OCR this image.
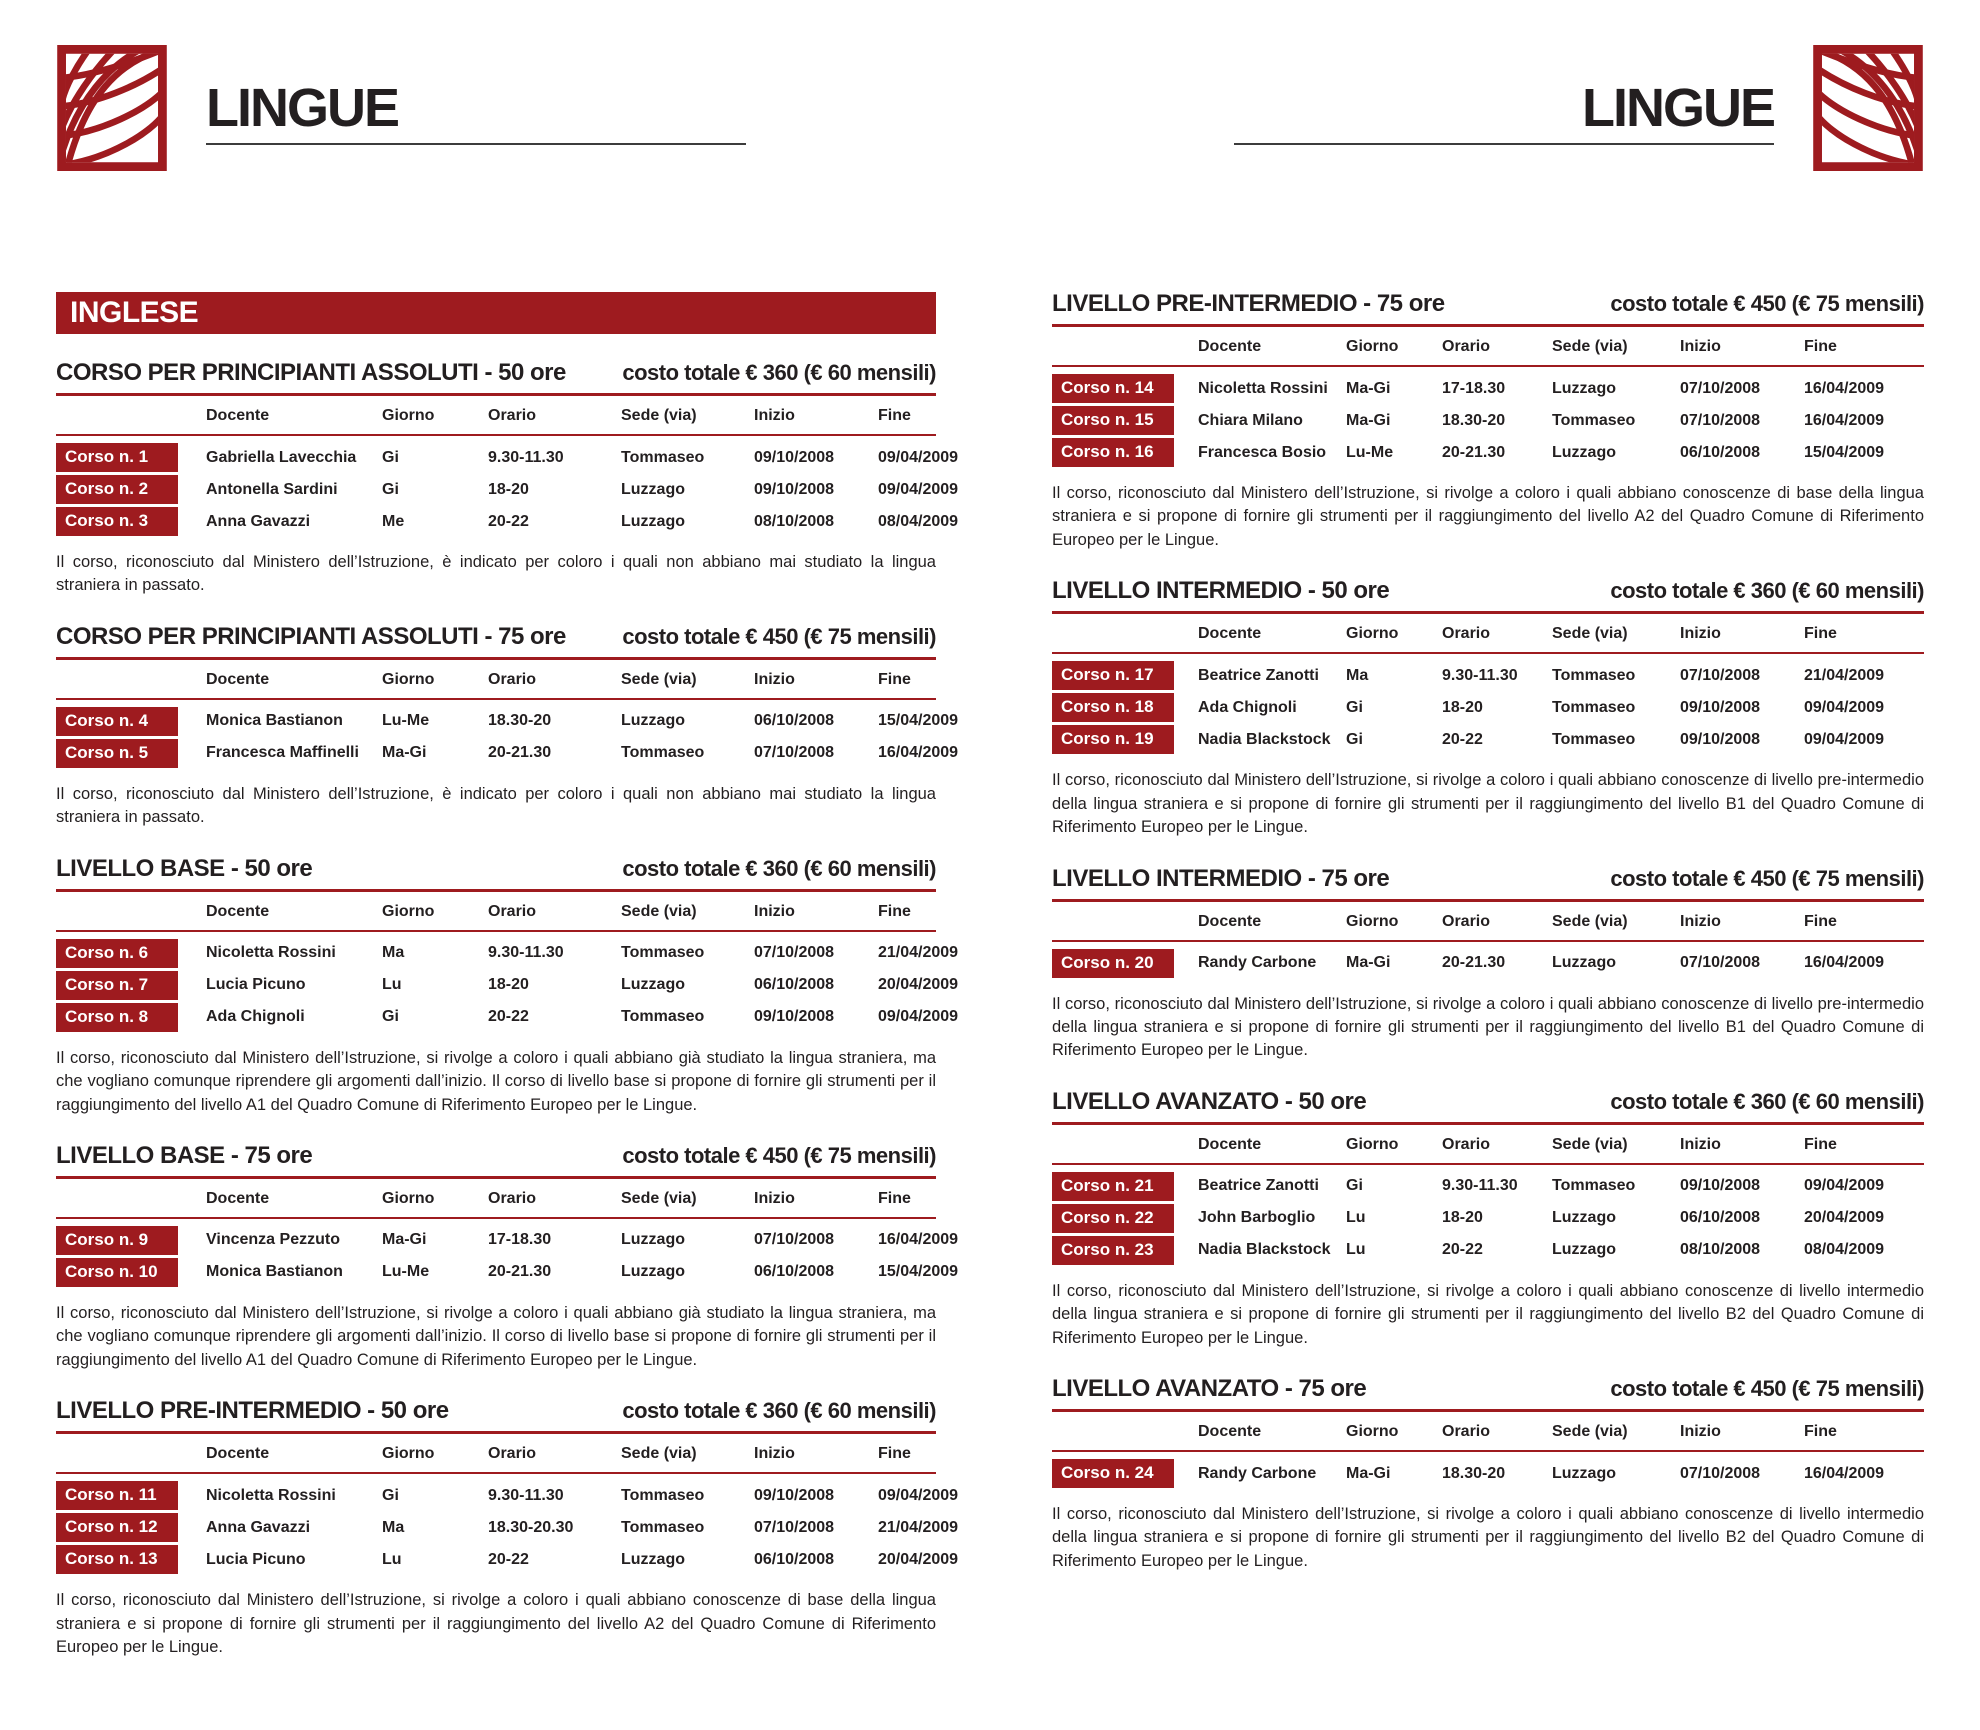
LINGUE
INGLESE
CORSO PER PRINCIPIANTI ASSOLUTI - 50 ore	costo totale € 360 (€ 60 mensili)
Docente	Giorno	Orario	Sede (via)	Inizio	Fine
Corso n. 1	Gabriella Lavecchia	Gi	9.30-11.30	Tommaseo	09/10/2008	09/04/2009
Corso n. 2	Antonella Sardini	Gi	18-20	Luzzago	09/10/2008	09/04/2009
Corso n. 3	Anna Gavazzi	Me	20-22	Luzzago	08/10/2008	08/04/2009

Il corso, riconosciuto dal Ministero dell’Istruzione, è indicato per coloro i quali non abbiano mai studiato la lingua straniera in passato.

CORSO PER PRINCIPIANTI ASSOLUTI - 75 ore	costo totale € 450 (€ 75 mensili)
Docente	Giorno	Orario	Sede (via)	Inizio	Fine
Corso n. 4	Monica Bastianon	Lu-Me	18.30-20	Luzzago	06/10/2008	15/04/2009
Corso n. 5	Francesca Maffinelli	Ma-Gi	20-21.30	Tommaseo	07/10/2008	16/04/2009

Il corso, riconosciuto dal Ministero dell’Istruzione, è indicato per coloro i quali non abbiano mai studiato la lingua straniera in passato.

LIVELLO BASE - 50 ore	costo totale € 360 (€ 60 mensili)
Docente	Giorno	Orario	Sede (via)	Inizio	Fine
Corso n. 6	Nicoletta Rossini	Ma	9.30-11.30	Tommaseo	07/10/2008	21/04/2009
Corso n. 7	Lucia Picuno	Lu	18-20	Luzzago	06/10/2008	20/04/2009
Corso n. 8	Ada Chignoli	Gi	20-22	Tommaseo	09/10/2008	09/04/2009

Il corso, riconosciuto dal Ministero dell’Istruzione, si rivolge a coloro i quali abbiano già studiato la lingua straniera, ma che vogliano comunque riprendere gli argomenti dall’inizio. Il corso di livello base si propone di fornire gli strumenti per il raggiungimento del livello A1 del Quadro Comune di Riferimento Europeo per le Lingue.

LIVELLO BASE - 75 ore	costo totale € 450 (€ 75 mensili)
Docente	Giorno	Orario	Sede (via)	Inizio	Fine
Corso n. 9	Vincenza Pezzuto	Ma-Gi	17-18.30	Luzzago	07/10/2008	16/04/2009
Corso n. 10	Monica Bastianon	Lu-Me	20-21.30	Luzzago	06/10/2008	15/04/2009

Il corso, riconosciuto dal Ministero dell’Istruzione, si rivolge a coloro i quali abbiano già studiato la lingua straniera, ma che vogliano comunque riprendere gli argomenti dall’inizio. Il corso di livello base si propone di fornire gli strumenti per il raggiungimento del livello A1 del Quadro Comune di Riferimento Europeo per le Lingue.

LIVELLO PRE-INTERMEDIO - 50 ore	costo totale € 360 (€ 60 mensili)
Docente	Giorno	Orario	Sede (via)	Inizio	Fine
Corso n. 11	Nicoletta Rossini	Gi	9.30-11.30	Tommaseo	09/10/2008	09/04/2009
Corso n. 12	Anna Gavazzi	Ma	18.30-20.30	Tommaseo	07/10/2008	21/04/2009
Corso n. 13	Lucia Picuno	Lu	20-22	Luzzago	06/10/2008	20/04/2009

Il corso, riconosciuto dal Ministero dell’Istruzione, si rivolge a coloro i quali abbiano conoscenze di base della lingua straniera e si propone di fornire gli strumenti per il raggiungimento del livello A2 del Quadro Comune di Riferimento Europeo per le Lingue.

LINGUE
LIVELLO PRE-INTERMEDIO - 75 ore	costo totale € 450 (€ 75 mensili)
Docente	Giorno	Orario	Sede (via)	Inizio	Fine
Corso n. 14	Nicoletta Rossini	Ma-Gi	17-18.30	Luzzago	07/10/2008	16/04/2009
Corso n. 15	Chiara Milano	Ma-Gi	18.30-20	Tommaseo	07/10/2008	16/04/2009
Corso n. 16	Francesca Bosio	Lu-Me	20-21.30	Luzzago	06/10/2008	15/04/2009

Il corso, riconosciuto dal Ministero dell’Istruzione, si rivolge a coloro i quali abbiano conoscenze di base della lingua straniera e si propone di fornire gli strumenti per il raggiungimento del livello A2 del Quadro Comune di Riferimento Europeo per le Lingue.

LIVELLO INTERMEDIO - 50 ore	costo totale € 360 (€ 60 mensili)
Docente	Giorno	Orario	Sede (via)	Inizio	Fine
Corso n. 17	Beatrice Zanotti	Ma	9.30-11.30	Tommaseo	07/10/2008	21/04/2009
Corso n. 18	Ada Chignoli	Gi	18-20	Tommaseo	09/10/2008	09/04/2009
Corso n. 19	Nadia Blackstock Gi	20-22	Tommaseo	09/10/2008	09/04/2009

Il corso, riconosciuto dal Ministero dell’Istruzione, si rivolge a coloro i quali abbiano conoscenze di livello pre-intermedio della lingua straniera e si propone di fornire gli strumenti per il raggiungimento del livello B1 del Quadro Comune di Riferimento Europeo per le Lingue.

LIVELLO INTERMEDIO - 75 ore	costo totale € 450 (€ 75 mensili)
Docente	Giorno	Orario	Sede (via)	Inizio	Fine
Corso n. 20	Randy Carbone	Ma-Gi	20-21.30	Luzzago	07/10/2008	16/04/2009

Il corso, riconosciuto dal Ministero dell’Istruzione, si rivolge a coloro i quali abbiano conoscenze di livello pre-intermedio della lingua straniera e si propone di fornire gli strumenti per il raggiungimento del livello B1 del Quadro Comune di Riferimento Europeo per le Lingue.

LIVELLO AVANZATO - 50 ore	costo totale € 360 (€ 60 mensili)
Docente	Giorno	Orario	Sede (via)	Inizio	Fine
Corso n. 21	Beatrice Zanotti	Gi	9.30-11.30	Tommaseo	09/10/2008	09/04/2009
Corso n. 22	John Barboglio	Lu	18-20	Luzzago	06/10/2008	20/04/2009
Corso n. 23	Nadia Blackstock Lu	20-22	Luzzago	08/10/2008	08/04/2009

Il corso, riconosciuto dal Ministero dell’Istruzione, si rivolge a coloro i quali abbiano conoscenze di livello intermedio della lingua straniera e si propone di fornire gli strumenti per il raggiungimento del livello B2 del Quadro Comune di Riferimento Europeo per le Lingue.

LIVELLO AVANZATO - 75 ore	costo totale € 450 (€ 75 mensili)
Docente	Giorno	Orario	Sede (via)	Inizio	Fine
Corso n. 24	Randy Carbone	Ma-Gi	18.30-20	Luzzago	07/10/2008	16/04/2009

Il corso, riconosciuto dal Ministero dell’Istruzione, si rivolge a coloro i quali abbiano conoscenze di livello intermedio della lingua straniera e si propone di fornire gli strumenti per il raggiungimento del livello B2 del Quadro Comune di Riferimento Europeo per le Lingue.
